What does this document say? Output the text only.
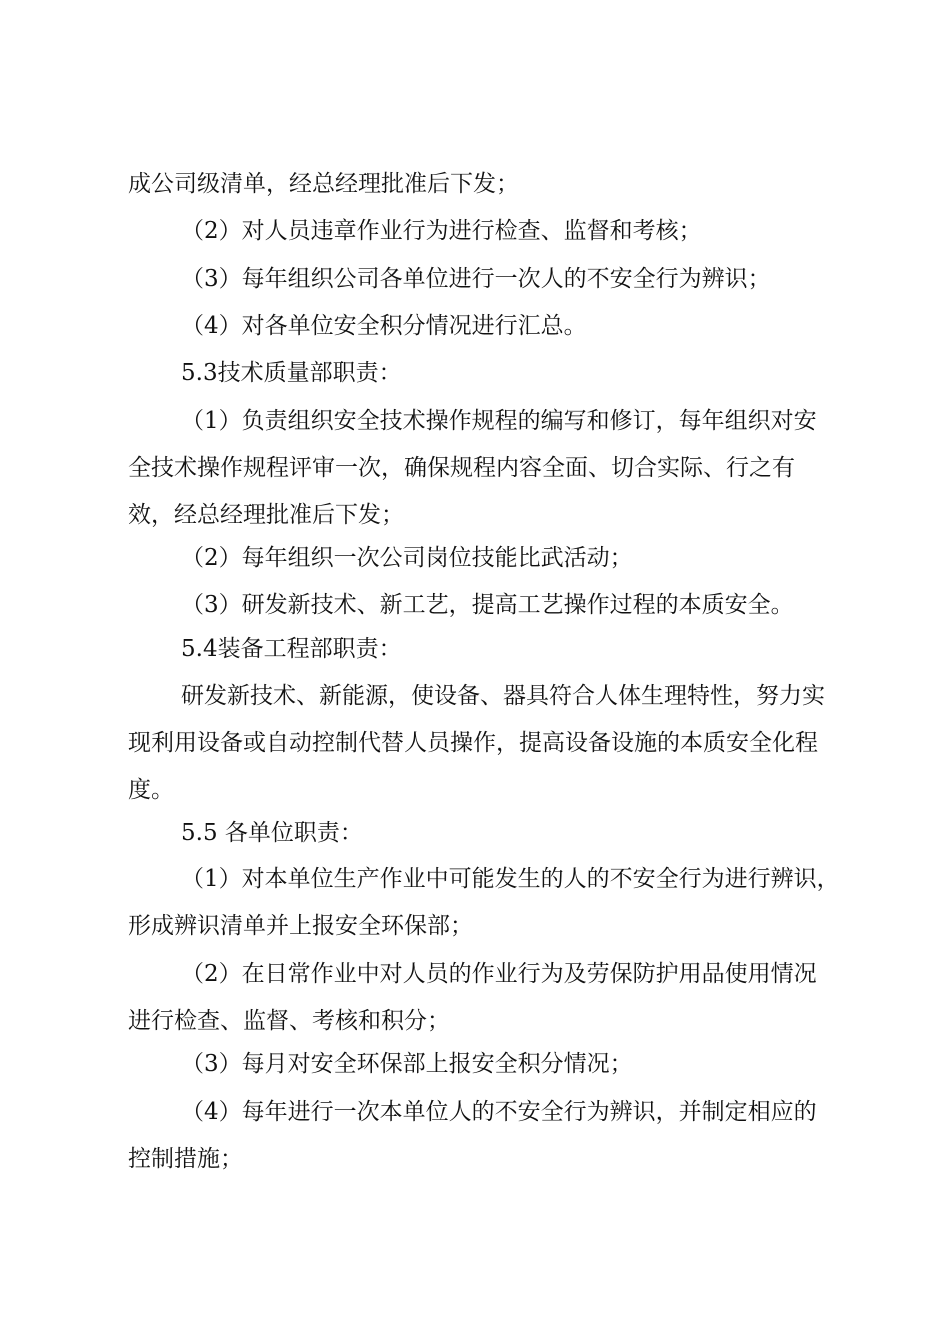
成公司级清单，经总经理批准后下发；
（2）对人员违章作业行为进行检查、监督和考核；
（3）每年组织公司各单位进行一次人的不安全行为辨识；
（4）对各单位安全积分情况进行汇总。
5.3技术质量部职责：
（1）负责组织安全技术操作规程的编写和修订，每年组织对安
全技术操作规程评审一次，确保规程内容全面、切合实际、行之有
效，经总经理批准后下发；
（2）每年组织一次公司岗位技能比武活动；
（3）研发新技术、新工艺，提高工艺操作过程的本质安全。
5.4装备工程部职责：
研发新技术、新能源，使设备、器具符合人体生理特性，努力实
现利用设备或自动控制代替人员操作，提高设备设施的本质安全化程
度。
5.5 各单位职责：
（1）对本单位生产作业中可能发生的人的不安全行为进行辨识，
形成辨识清单并上报安全环保部；
（2）在日常作业中对人员的作业行为及劳保防护用品使用情况
进行检查、监督、考核和积分；
（3）每月对安全环保部上报安全积分情况；
（4）每年进行一次本单位人的不安全行为辨识，并制定相应的
控制措施；
